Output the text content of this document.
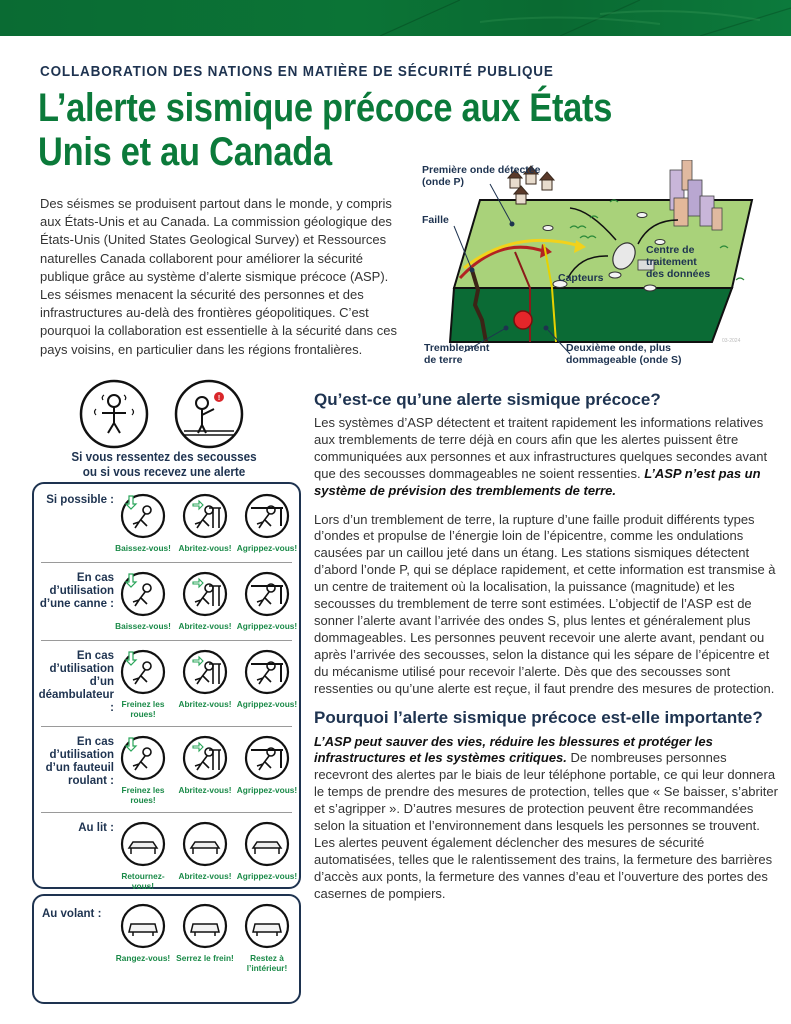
COLLABORATION DES NATIONS EN MATIÈRE DE SÉCURITÉ PUBLIQUE
L’alerte sismique précoce aux États
Unis et au Canada
Des séismes se produisent partout dans le monde, y compris aux États-Unis et au Canada. La commission géologique des États-Unis (United States Geological Survey) et Ressources naturelles Canada collaborent pour améliorer la sécurité publique grâce au système d’alerte sismique précoce (ASP). Les séismes menacent la sécurité des personnes et des infrastructures au-delà des frontières géopolitiques. C’est pourquoi la collaboration est essentielle à la sécurité dans ces pays voisins, en particulier dans les régions frontalières.
Première onde détectée
(onde P)
Faille
Centre de
traitement
des données
Capteurs
Tremblement
de terre
Deuxième onde, plus
dommageable (onde S)
03-2024
!
Si vous ressentez des secousses
ou si vous recevez une alerte
Si possible :
Baissez-vous! Abritez-vous! Agrippez-vous!
En cas d’utilisation d’une canne :
Baissez-vous! Abritez-vous! Agrippez-vous!
En cas d’utilisation d’un déambulateur : Freinez les roues!
Abritez-vous! Agrippez-vous!
En cas d’utilisation d’un fauteuil roulant :
Freinez les roues!
Abritez-vous! Agrippez-vous!
Au lit :
Retournez-vous!
Abritez-vous! Agrippez-vous!
Au volant :
Rangez-vous! Serrez le frein!	Restez à l’intérieur!
Qu’est-ce qu’une alerte sismique précoce?

Les systèmes d’ASP détectent et traitent rapidement les informations relatives aux tremblements de terre déjà en cours afin que les alertes puissent être communiquées aux personnes et aux infrastructures quelques secondes avant que des secousses dommageables ne soient ressenties. L’ASP n’est pas un système de prévision des tremblements de terre.

Lors d’un tremblement de terre, la rupture d’une faille produit différents types d’ondes et propulse de l’énergie loin de l’épicentre, comme les ondulations causées par un caillou jeté dans un étang. Les stations sismiques détectent d’abord l’onde P, qui se déplace rapidement, et cette information est transmise à un centre de traitement où la localisation, la puissance (magnitude) et les secousses du tremblement de terre sont estimées. L’objectif de l’ASP est de sonner l’alerte avant l’arrivée des ondes S, plus lentes et généralement plus dommageables. Les personnes peuvent recevoir une alerte avant, pendant ou après l’arrivée des secousses, selon la distance qui les sépare de l’épicentre et du mécanisme utilisé pour recevoir l’alerte. Dès que des secousses sont ressenties ou qu’une alerte est reçue, il faut prendre des mesures de protection.

Pourquoi l’alerte sismique précoce est-elle importante?

L’ASP peut sauver des vies, réduire les blessures et protéger les infrastructures et les systèmes critiques. De nombreuses personnes recevront des alertes par le biais de leur téléphone portable, ce qui leur donnera le temps de prendre des mesures de protection, telles que « Se baisser, s’abriter et s’agripper ». D’autres mesures de protection peuvent être recommandées selon la situation et l’environnement dans lesquels les personnes se trouvent. Les alertes peuvent également déclencher des mesures de sécurité automatisées, telles que le ralentissement des trains, la fermeture des barrières d’accès aux ponts, la fermeture des vannes d’eau et l’ouverture des portes des casernes de pompiers.
